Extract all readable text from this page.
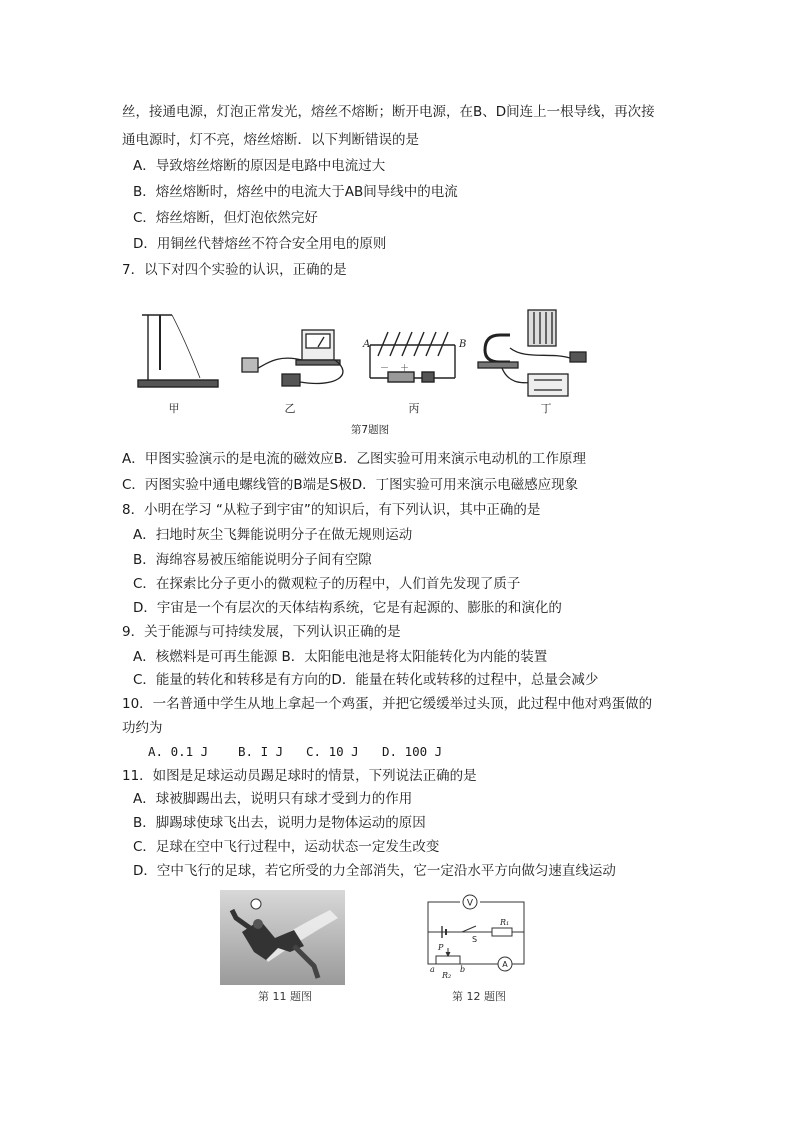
丝，接通电源，灯泡正常发光，熔丝不熔断；断开电源，在B、D间连上一根导线，再次接
通电源时，灯不亮，熔丝熔断．以下判断错误的是
A．导致熔丝熔断的原因是电路中电流过大
B．熔丝熔断时，熔丝中的电流大于AB间导线中的电流
C．熔丝熔断，但灯泡依然完好
D．用铜丝代替熔丝不符合安全用电的原则
7．以下对四个实验的认识，正确的是
甲	乙
A	B
－ ＋
丙	丁
第7题图
A．甲图实验演示的是电流的磁效应B．乙图实验可用来演示电动机的工作原理
C．丙图实验中通电螺线管的B端是S极D．丁图实验可用来演示电磁感应现象
8．小明在学习 “从粒子到宇宙”的知识后，有下列认识，其中正确的是
A．扫地时灰尘飞舞能说明分子在做无规则运动
B．海绵容易被压缩能说明分子间有空隙
C．在探索比分子更小的微观粒子的历程中，人们首先发现了质子
D．宇宙是一个有层次的天体结构系统，它是有起源的、膨胀的和演化的
9．关于能源与可持续发展，下列认识正确的是
A．核燃料是可再生能源 B．太阳能电池是将太阳能转化为内能的装置
C．能量的转化和转移是有方向的D．能量在转化或转移的过程中，总量会减少
10．一名普通中学生从地上拿起一个鸡蛋，并把它缓缓举过头顶，此过程中他对鸡蛋做的
功约为
A. 0.1 J B. I J C. 10 J D. 100 J
11．如图是足球运动员踢足球时的情景，下列说法正确的是
A．球被脚踢出去，说明只有球才受到力的作用
B．脚踢球使球飞出去，说明力是物体运动的原因
C．足球在空中飞行过程中，运动状态一定发生改变
D．空中飞行的足球，若它所受的力全部消失，它一定沿水平方向做匀速直线运动
第 11 题图
V
R₁
S
P
a
R₂
b
A
第 12 题图
